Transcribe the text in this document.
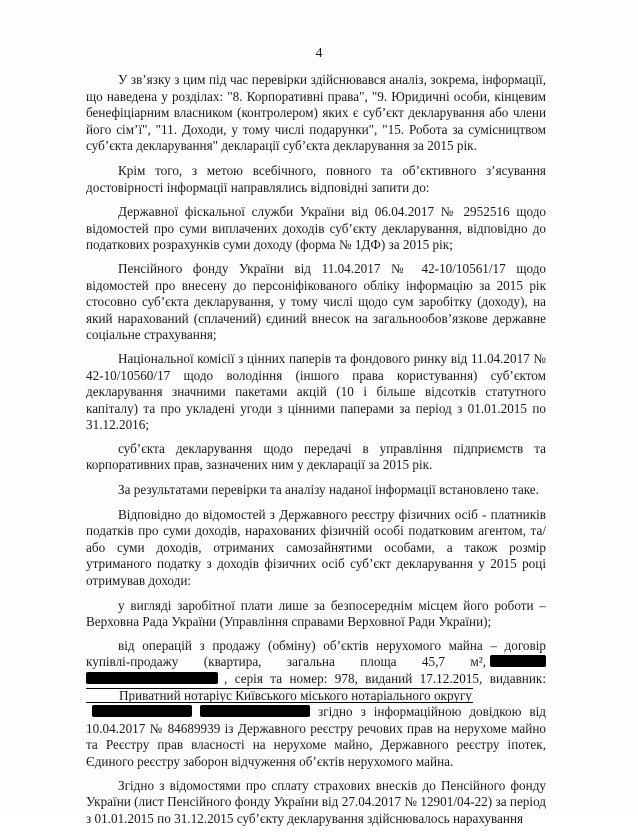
4

У зв’язку з цим під час перевірки здійснювався аналіз, зокрема, інформації, що наведена у розділах: "8. Корпоративні права", "9. Юридичні особи, кінцевим бенефіціарним власником (контролером) яких є суб’єкт декларування або члени його сім’ї", "11. Доходи, у тому числі подарунки", "15. Робота за сумісництвом суб’єкта декларування" декларації суб’єкта декларування за 2015 рік.

Крім того, з метою всебічного, повного та об’єктивного з’ясування достовірності інформації направлялись відповідні запити до:

Державної фіскальної служби України від 06.04.2017 № 2952516 щодо відомостей про суми виплачених доходів суб’єкту декларування, відповідно до податкових розрахунків суми доходу (форма № 1ДФ) за 2015 рік;

Пенсійного фонду України від 11.04.2017 № 42-10/10561/17 щодо відомостей про внесену до персоніфікованого обліку інформацію за 2015 рік стосовно суб’єкта декларування, у тому числі щодо сум заробітку (доходу), на який нарахований (сплачений) єдиний внесок на загальнообов’язкове державне соціальне страхування;

Національної комісії з цінних паперів та фондового ринку від 11.04.2017 № 42-10/10560/17 щодо володіння (іншого права користування) суб’єктом декларування значними пакетами акцій (10 і більше відсотків статутного капіталу) та про укладені угоди з цінними паперами за період з 01.01.2015 по 31.12.2016;

суб’єкта декларування щодо передачі в управління підприємств та корпоративних прав, зазначених ним у декларації за 2015 рік.

За результатами перевірки та аналізу наданої інформації встановлено таке.

Відповідно до відомостей з Державного реєстру фізичних осіб - платників податків про суми доходів, нарахованих фізичній особі податковим агентом, та/або суми доходів, отриманих самозайнятими особами, а також розмір утриманого податку з доходів фізичних осіб суб’єкт декларування у 2015 році отримував доходи:

у вигляді заробітної плати лише за безпосереднім місцем його роботи – Верховна Рада України (Управління справами Верховної Ради України);

від операцій з продажу (обміну) об’єктів нерухомого майна – договір купівлі-продажу (квартира, загальна площа 45,7 м², , серія та номер: 978, виданий 17.12.2015, видавник: Приватний нотаріус Київського міського нотаріального округу згідно з інформаційною довідкою від 10.04.2017 № 84689939 із Державного реєстру речових прав на нерухоме майно та Реєстру прав власності на нерухоме майно, Державного реєстру іпотек, Єдиного реєстру заборон відчуження об’єктів нерухомого майна.

Згідно з відомостями про сплату страхових внесків до Пенсійного фонду України (лист Пенсійного фонду України від 27.04.2017 № 12901/04-22) за період з 01.01.2015 по 31.12.2015 суб’єкту декларування здійснювалось нарахування
